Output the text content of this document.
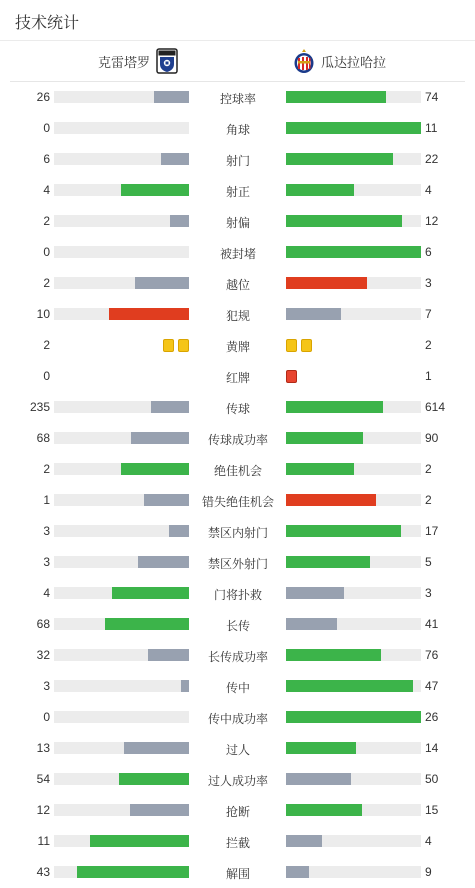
技术统计
克雷塔罗	瓜达拉哈拉
26	控球率	74
0	角球	11
6	射门	22
4	射正	4
2	射偏	12
0	被封堵	6
2	越位	3
10	犯规	7
2	黄牌	2
0	红牌	1
235	传球	614
68	传球成功率	90
2	绝佳机会	2
1	错失绝佳机会	2
3	禁区内射门	17
3	禁区外射门	5
4	门将扑救	3
68	长传	41
32	长传成功率	76
3	传中	47
0	传中成功率	26
13	过人	14
54	过人成功率	50
12	抢断	15
11	拦截	4
43	解围	9
